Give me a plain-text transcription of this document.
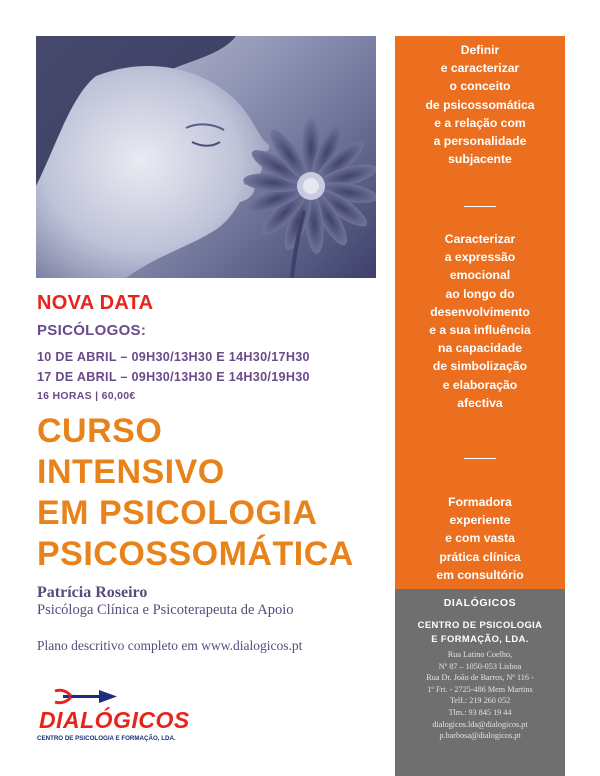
NOVA DATA
PSICÓLOGOS:
10 DE ABRIL – 09H30/13H30 E 14H30/17H30
17 DE ABRIL – 09H30/13H30 E 14H30/19H30
16 HORAS | 60,00€
CURSO
INTENSIVO
EM PSICOLOGIA
PSICOSSOMÁTICA
Patrícia Roseiro
Psicóloga Clínica e Psicoterapeuta de Apoio
Plano descritivo completo em www.dialogicos.pt
DIALÓGICOS
CENTRO DE PSICOLOGIA E FORMAÇÃO, LDA.
Definir
e caracterizar
o conceito
de psicossomática
e a relação com
a personalidade
subjacente
Caracterizar
a expressão
emocional
ao longo do
desenvolvimento
e a sua influência
na capacidade
de simbolização
e elaboração
afectiva
Formadora
experiente
e com vasta
prática clínica
em consultório
DIALÓGICOS
CENTRO DE PSICOLOGIA
E FORMAÇÃO, LDA.
Rua Latino Coelho,
Nº 87 – 1050-053 Lisboa
Rua Dr. João de Barros, Nº 116 -
1º Frt. - 2725-486 Mem Martins
Telf.: 219 260 052
Tlm.: 93 845 19 44
dialogicos.lda@dialogicos.pt
p.barbosa@dialogicos.pt
